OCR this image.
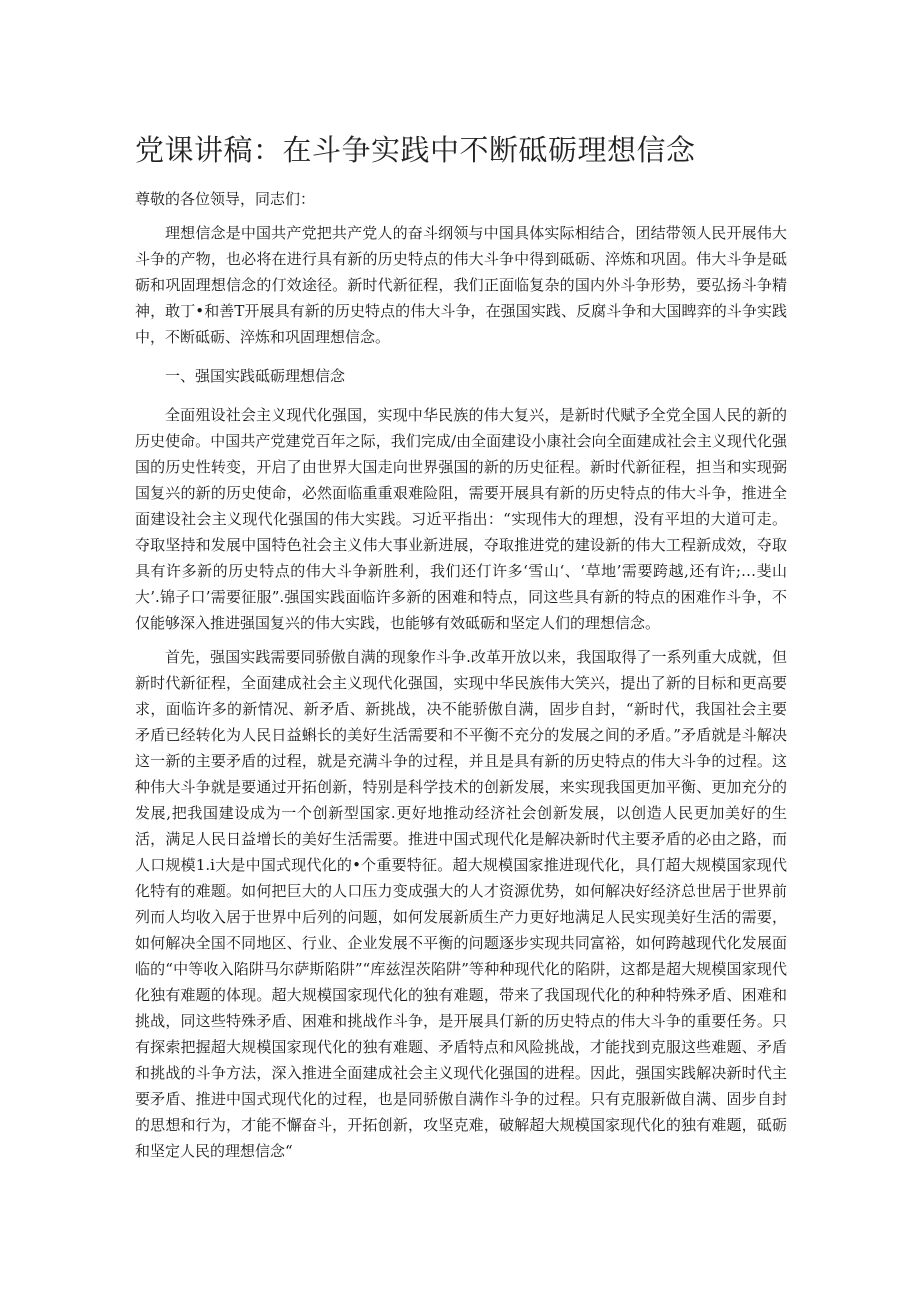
党课讲稿：在斗争实践中不断砥砺理想信念

尊敬的各位领导，同志们：

理想信念是中国共产党把共产党人的奋斗纲领与中国具体实际相结合，团结带领人民开展伟大斗争的产物，也必将在进行具有新的历史特点的伟大斗争中得到砥砺、淬炼和巩固。伟大斗争是砥砺和巩固理想信念的仃效途径。新时代新征程，我们正面临复杂的国内外斗争形势，要弘扬斗争精神，敢丁•和善T开展具有新的历史特点的伟大斗争，在强国实践、反腐斗争和大国睥弈的斗争实践中，不断砥砺、淬炼和巩固理想信念。

一、强国实践砥砺理想信念

全面殂设社会主义现代化强国，实现中华民族的伟大复兴，是新时代赋予全党全国人民的新的历史使命。中国共产党建党百年之际，我们完成/由全面建设小康社会向全面建成社会主义现代化强国的历史性转变，开启了由世界大国走向世界强国的新的历史征程。新时代新征程，担当和实现弼国复兴的新的历史使命，必然面临重重艰难险阻，需要开展具有新的历史特点的伟大斗争，推进全面建设社会主义现代化强国的伟大实践。习近平指出：“实现伟大的理想，没有平坦的大道可走。夺取坚持和发展中国特色社会主义伟大事业新进展，夺取推进党的建设新的伟大工程新成效，夺取具有许多新的历史特点的伟大斗争新胜利，我们还仃许多‘雪山‘、‘草地’需要跨越,还有许;…斐山大’.锦子口’需要征服”.强国实践面临许多新的困难和特点，同这些具有新的特点的困难作斗争，不仅能够深入推进强国复兴的伟大实践，也能够有效砥砺和坚定人们的理想信念。

首先，强国实践需要同骄傲自满的现象作斗争.改革开放以来，我国取得了一系列重大成就，但新时代新征程，全面建成社会主义现代化强国，实现中华民族伟大笑兴，提出了新的目标和更高要求，面临许多的新情况、新矛盾、新挑战，决不能骄傲自满，固步自封，“新时代，我国社会主要矛盾已经转化为人民日益蝌长的美好生活需要和不平衡不充分的发展之间的矛盾。”矛盾就是斗解决这一新的主要矛盾的过程，就是充满斗争的过程，并且是具有新的历史特点的伟大斗争的过程。这种伟大斗争就是要通过开拓创新，特别是科学技术的创新发展，来实现我国更加平衡、更加充分的发展,把我国建设成为一个创新型国家.更好地推动经济社会创新发展，以创造人民更加美好的生活，满足人民日益增长的美好生活需要。推进中国式现代化是解决新时代主要矛盾的必由之路，而人口规模1.i大是中国式现代化的•个重要特征。超大规模国家推进现代化，具仃超大规模国家现代化特有的难题。如何把巨大的人口压力变成强大的人才资源优势，如何解决好经济总世居于世界前列而人均收入居于世界中后列的问题，如何发展新质生产力更好地满足人民实现美好生活的需要，如何解决全国不同地区、行业、企业发展不平衡的问题逐步实现共同富裕，如何跨越现代化发展面临的“中等收入陷阱马尔萨斯陷阱”“库兹涅茨陷阱”等种种现代化的陷阱，这都是超大规模国家现代化独有难题的体现。超大规模国家现代化的独有难题，带来了我国现代化的种种特殊矛盾、困难和挑战，同这些特殊矛盾、困难和挑战作斗争，是开展具仃新的历史特点的伟大斗争的重要任务。只有探索把握超大规模国家现代化的独有难题、矛盾特点和风险挑战，才能找到克服这些难题、矛盾和挑战的斗争方法，深入推进全面建成社会主义现代化强国的进程。因此，强国实践解决新时代主要矛盾、推进中国式现代化的过程，也是同骄傲自满作斗争的过程。只有克服新做自满、固步自封的思想和行为，才能不懈奋斗，开拓创新，攻坚克难，破解超大规模国家现代化的独有难题，砥砺和坚定人民的理想信念“
